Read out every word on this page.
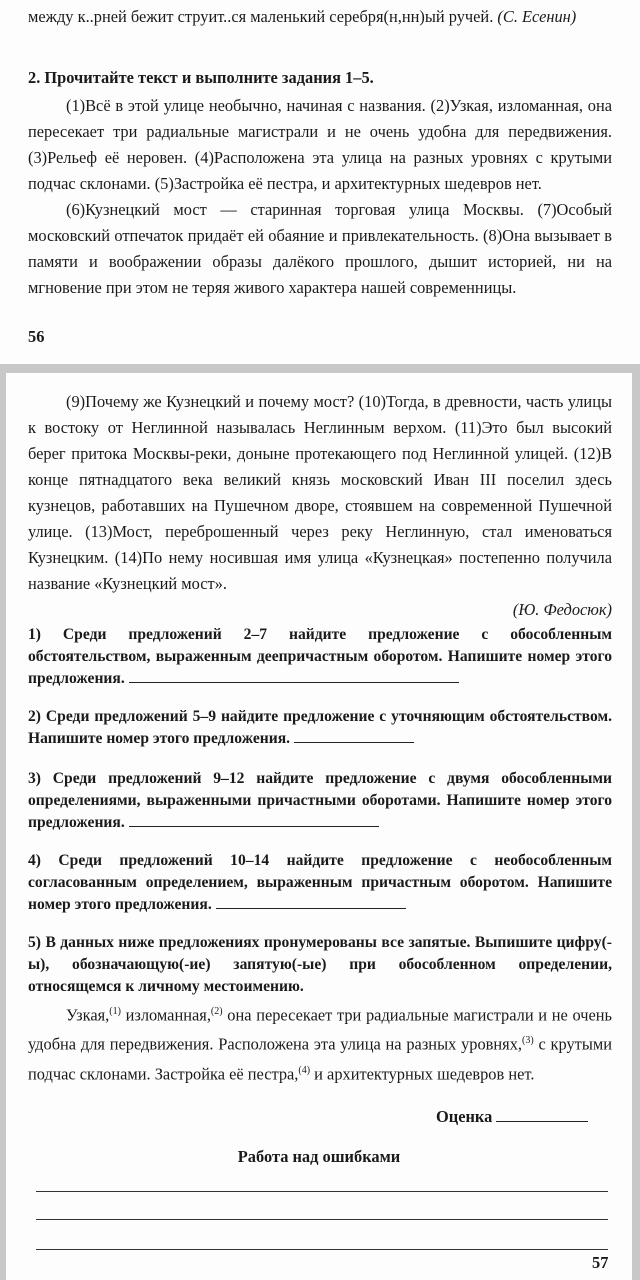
между к..рней бежит струит..ся маленький серебря(н,нн)ый ручей. (С. Есенин)
2. Прочитайте текст и выполните задания 1–5.

(1)Всё в этой улице необычно, начиная с названия. (2)Узкая, изломанная, она пересекает три радиальные магистрали и не очень удобна для передвижения. (3)Рельеф её неровен. (4)Расположена эта улица на разных уровнях с крутыми подчас склонами. (5)Застройка её пестра, и архитектурных шедевров нет.

(6)Кузнецкий мост — старинная торговая улица Москвы. (7)Особый московский отпечаток придаёт ей обаяние и привлекательность. (8)Она вызывает в памяти и воображении образы далёкого прошлого, дышит историей, ни на мгновение при этом не теряя живого характера нашей современницы.

56

(9)Почему же Кузнецкий и почему мост? (10)Тогда, в древности, часть улицы к востоку от Неглинной называлась Неглинным верхом. (11)Это был высокий берег притока Москвы-реки, доныне протекающего под Неглинной улицей. (12)В конце пятнадцатого века великий князь московский Иван III поселил здесь кузнецов, работавших на Пушечном дворе, стоявшем на современной Пушечной улице. (13)Мост, переброшенный через реку Неглинную, стал именоваться Кузнецким. (14)По нему носившая имя улица «Кузнецкая» постепенно получила название «Кузнецкий мост».

(Ю. Федосюк)

1) Среди предложений 2–7 найдите предложение с обособленным обстоятельством, выраженным деепричастным оборотом. Напишите номер этого предложения.

2) Среди предложений 5–9 найдите предложение с уточняющим обстоятельством. Напишите номер этого предложения.

3) Среди предложений 9–12 найдите предложение с двумя обособленными определениями, выраженными причастными оборотами. Напишите номер этого предложения.

4) Среди предложений 10–14 найдите предложение с необособленным согласованным определением, выраженным причастным оборотом. Напишите номер этого предложения.

5) В данных ниже предложениях пронумерованы все запятые. Выпишите цифру(-ы), обозначающую(-ие) запятую(-ые) при обособленном определении, относящемся к личному местоимению.

Узкая,$^{(1)}$ изломанная,$^{(2)}$ она пересекает три радиальные магистрали и не очень удобна для передвижения. Расположена эта улица на разных уровнях,$^{(3)}$ с крутыми подчас склонами. Застройка её пестра,$^{(4)}$ и архитектурных шедевров нет.

Оценка
Работа над ошибками
57
